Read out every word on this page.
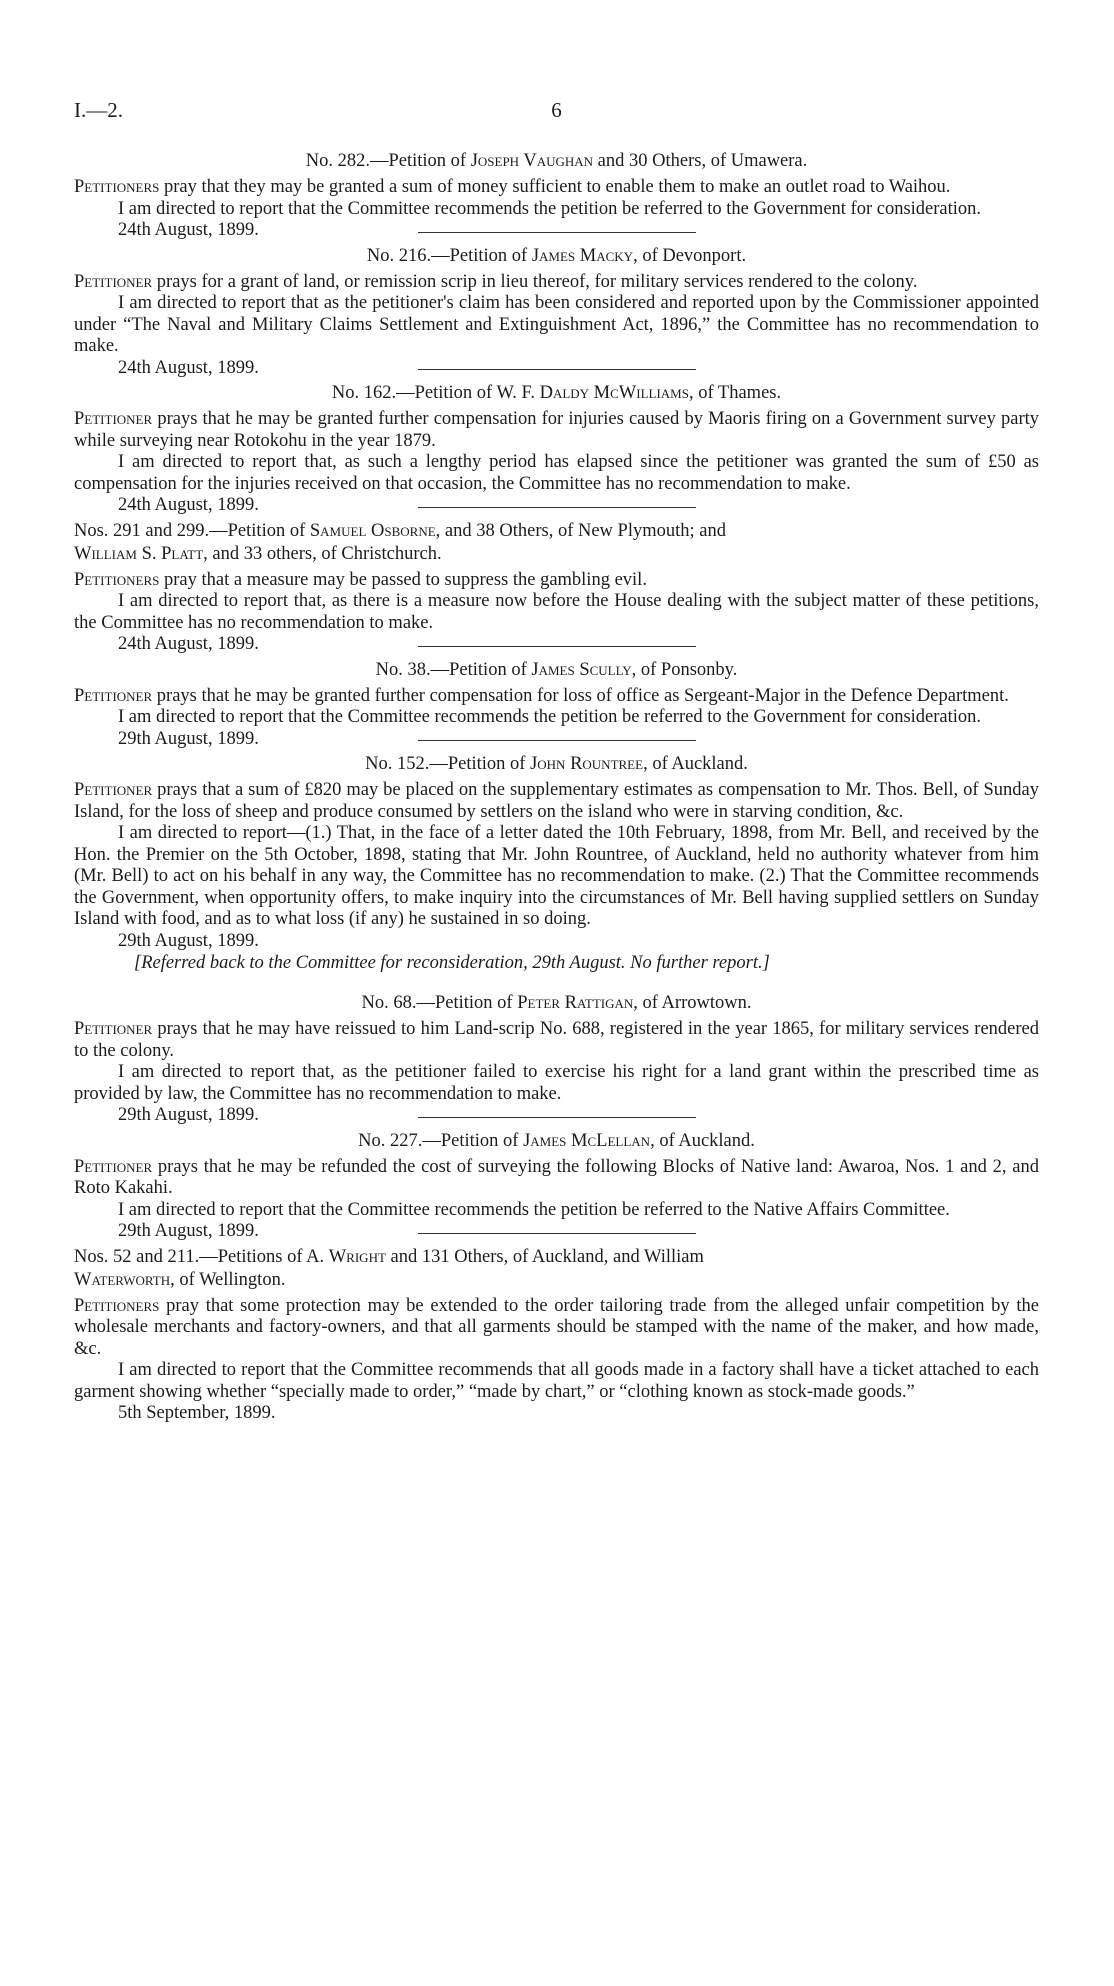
I.—2.	6

No. 282.—Petition of Joseph Vaughan and 30 Others, of Umawera.

Petitioners pray that they may be granted a sum of money sufficient to enable them to make an outlet road to Waihou.

I am directed to report that the Committee recommends the petition be referred to the Government for consideration.

24th August, 1899.

No. 216.—Petition of James Macky, of Devonport.

Petitioner prays for a grant of land, or remission scrip in lieu thereof, for military services rendered to the colony.

I am directed to report that as the petitioner's claim has been considered and reported upon by the Commissioner appointed under “The Naval and Military Claims Settlement and Extinguishment Act, 1896,” the Committee has no recommendation to make.

24th August, 1899.

No. 162.—Petition of W. F. Daldy McWilliams, of Thames.

Petitioner prays that he may be granted further compensation for injuries caused by Maoris firing on a Government survey party while surveying near Rotokohu in the year 1879.

I am directed to report that, as such a lengthy period has elapsed since the petitioner was granted the sum of £50 as compensation for the injuries received on that occasion, the Committee has no recommendation to make.

24th August, 1899.

Nos. 291 and 299.—Petition of Samuel Osborne, and 38 Others, of New Plymouth; and
William S. Platt, and 33 others, of Christchurch.

Petitioners pray that a measure may be passed to suppress the gambling evil.

I am directed to report that, as there is a measure now before the House dealing with the subject matter of these petitions, the Committee has no recommendation to make.

24th August, 1899.

No. 38.—Petition of James Scully, of Ponsonby.

Petitioner prays that he may be granted further compensation for loss of office as Sergeant-Major in the Defence Department.

I am directed to report that the Committee recommends the petition be referred to the Government for consideration.

29th August, 1899.

No. 152.—Petition of John Rountree, of Auckland.

Petitioner prays that a sum of £820 may be placed on the supplementary estimates as compensation to Mr. Thos. Bell, of Sunday Island, for the loss of sheep and produce consumed by settlers on the island who were in starving condition, &c.

I am directed to report—(1.) That, in the face of a letter dated the 10th February, 1898, from Mr. Bell, and received by the Hon. the Premier on the 5th October, 1898, stating that Mr. John Rountree, of Auckland, held no authority whatever from him (Mr. Bell) to act on his behalf in any way, the Committee has no recommendation to make. (2.) That the Committee recommends the Government, when opportunity offers, to make inquiry into the circumstances of Mr. Bell having supplied settlers on Sunday Island with food, and as to what loss (if any) he sustained in so doing.

29th August, 1899.

[Referred back to the Committee for reconsideration, 29th August. No further report.]

No. 68.—Petition of Peter Rattigan, of Arrowtown.

Petitioner prays that he may have reissued to him Land-scrip No. 688, registered in the year 1865, for military services rendered to the colony.

I am directed to report that, as the petitioner failed to exercise his right for a land grant within the prescribed time as provided by law, the Committee has no recommendation to make.

29th August, 1899.

No. 227.—Petition of James McLellan, of Auckland.

Petitioner prays that he may be refunded the cost of surveying the following Blocks of Native land: Awaroa, Nos. 1 and 2, and Roto Kakahi.

I am directed to report that the Committee recommends the petition be referred to the Native Affairs Committee.

29th August, 1899.

Nos. 52 and 211.—Petitions of A. Wright and 131 Others, of Auckland, and William
Waterworth, of Wellington.

Petitioners pray that some protection may be extended to the order tailoring trade from the alleged unfair competition by the wholesale merchants and factory-owners, and that all garments should be stamped with the name of the maker, and how made, &c.

I am directed to report that the Committee recommends that all goods made in a factory shall have a ticket attached to each garment showing whether “specially made to order,” “made by chart,” or “clothing known as stock-made goods.”

5th September, 1899.
